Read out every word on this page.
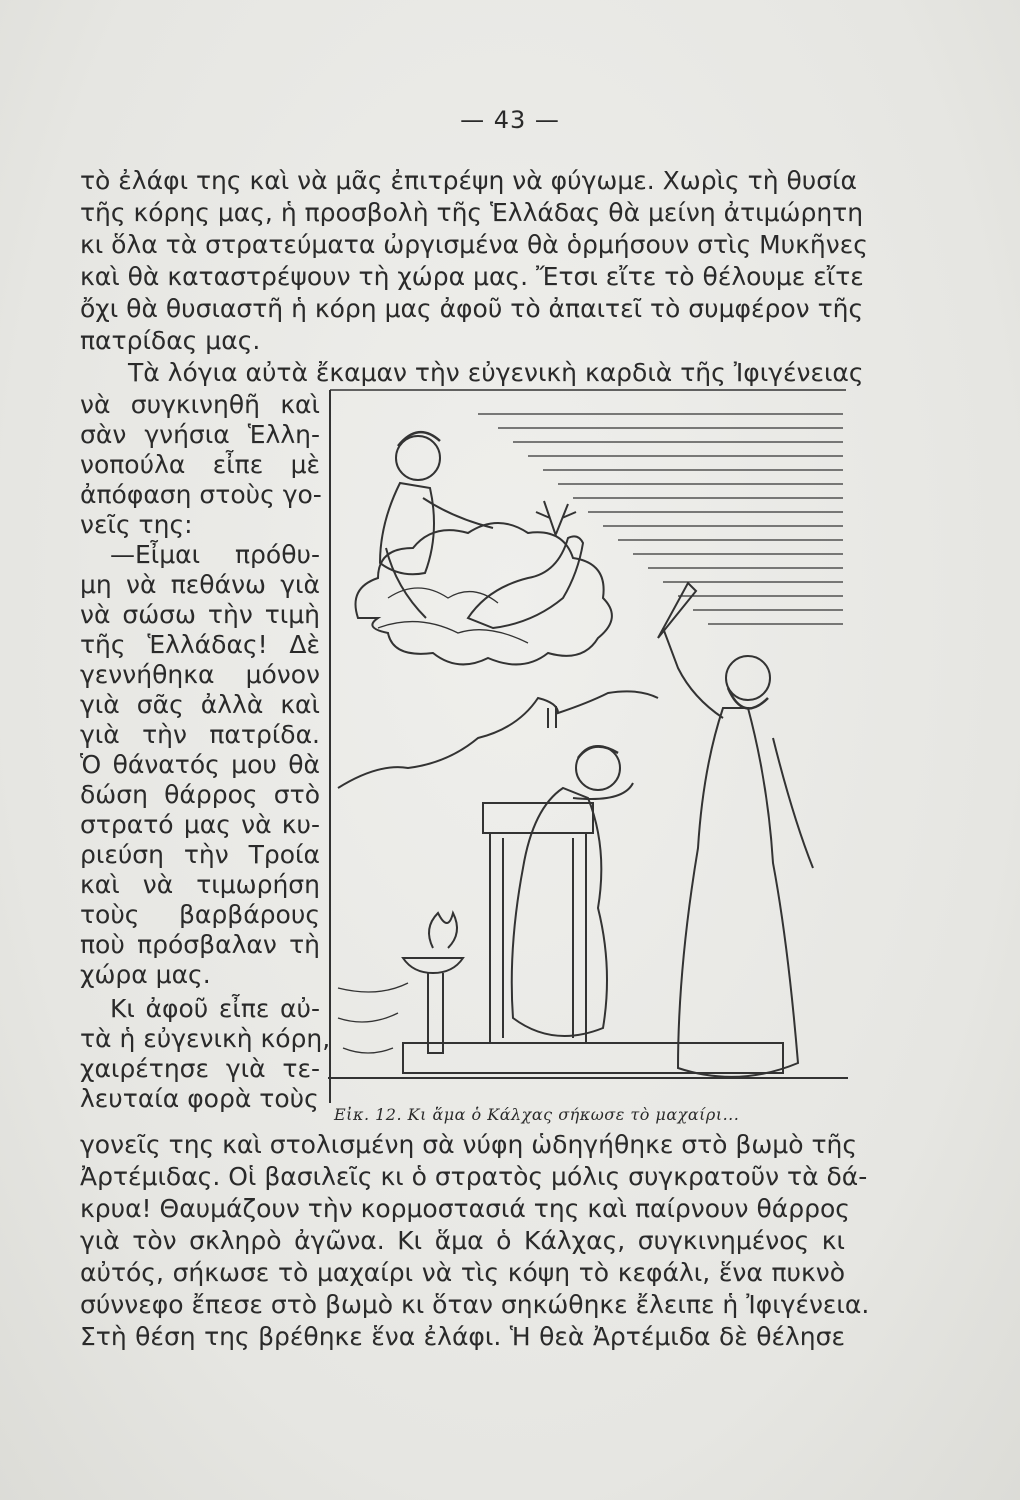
— 43 —
τὸ ἐλάφι της καὶ νὰ μᾶς ἐπιτρέψη νὰ φύγωμε. Χωρὶς τὴ θυσία
τῆς κόρης μας, ἡ προσβολὴ τῆς Ἑλλάδας θὰ μείνη ἀτιμώρητη
κι ὅλα τὰ στρατεύματα ὠργισμένα θὰ ὁρμήσουν στὶς Μυκῆνες
καὶ θὰ καταστρέψουν τὴ χώρα μας. Ἔτσι εἴτε τὸ θέλουμε εἴτε
ὄχι θὰ θυσιαστῆ ἡ κόρη μας ἀφοῦ τὸ ἀπαιτεῖ τὸ συμφέρον τῆς
πατρίδας μας.
Τὰ λόγια αὐτὰ ἔκαμαν τὴν εὐγενικὴ καρδιὰ τῆς Ἰφιγένειας
νὰ συγκινηθῆ καὶ
σὰν γνήσια Ἑλλη-
νοπούλα εἶπε μὲ
ἀπόφαση στοὺς γο-
νεῖς της:
—Εἶμαι πρόθυ-
μη νὰ πεθάνω γιὰ
νὰ σώσω τὴν τιμὴ
τῆς Ἑλλάδας! Δὲ
γεννήθηκα μόνον
γιὰ σᾶς ἀλλὰ καὶ
γιὰ τὴν πατρίδα.
Ὁ θάνατός μου θὰ
δώση θάρρος στὸ
στρατό μας νὰ κυ-
ριεύση τὴν Τροία
καὶ νὰ τιμωρήση
τοὺς βαρβάρους
ποὺ πρόσβαλαν τὴ
χώρα μας.
Κι ἀφοῦ εἶπε αὐ-
τὰ ἡ εὐγενικὴ κόρη,
χαιρέτησε γιὰ τε-
λευταία φορὰ τοὺς
Εἰκ. 12. Κι ἅμα ὁ Κάλχας σήκωσε τὸ μαχαίρι...
γονεῖς της καὶ στολισμένη σὰ νύφη ὡδηγήθηκε στὸ βωμὸ τῆς
Ἀρτέμιδας. Οἱ βασιλεῖς κι ὁ στρατὸς μόλις συγκρατοῦν τὰ δά-
κρυα! Θαυμάζουν τὴν κορμοστασιά της καὶ παίρνουν θάρρος
γιὰ τὸν σκληρὸ ἀγῶνα. Κι ἅμα ὁ Κάλχας, συγκινημένος κι
αὐτός, σήκωσε τὸ μαχαίρι νὰ τὶς κόψη τὸ κεφάλι, ἕνα πυκνὸ
σύννεφο ἔπεσε στὸ βωμὸ κι ὅταν σηκώθηκε ἔλειπε ἡ Ἰφιγένεια.
Στὴ θέση της βρέθηκε ἕνα ἐλάφι. Ἡ θεὰ Ἀρτέμιδα δὲ θέλησε
